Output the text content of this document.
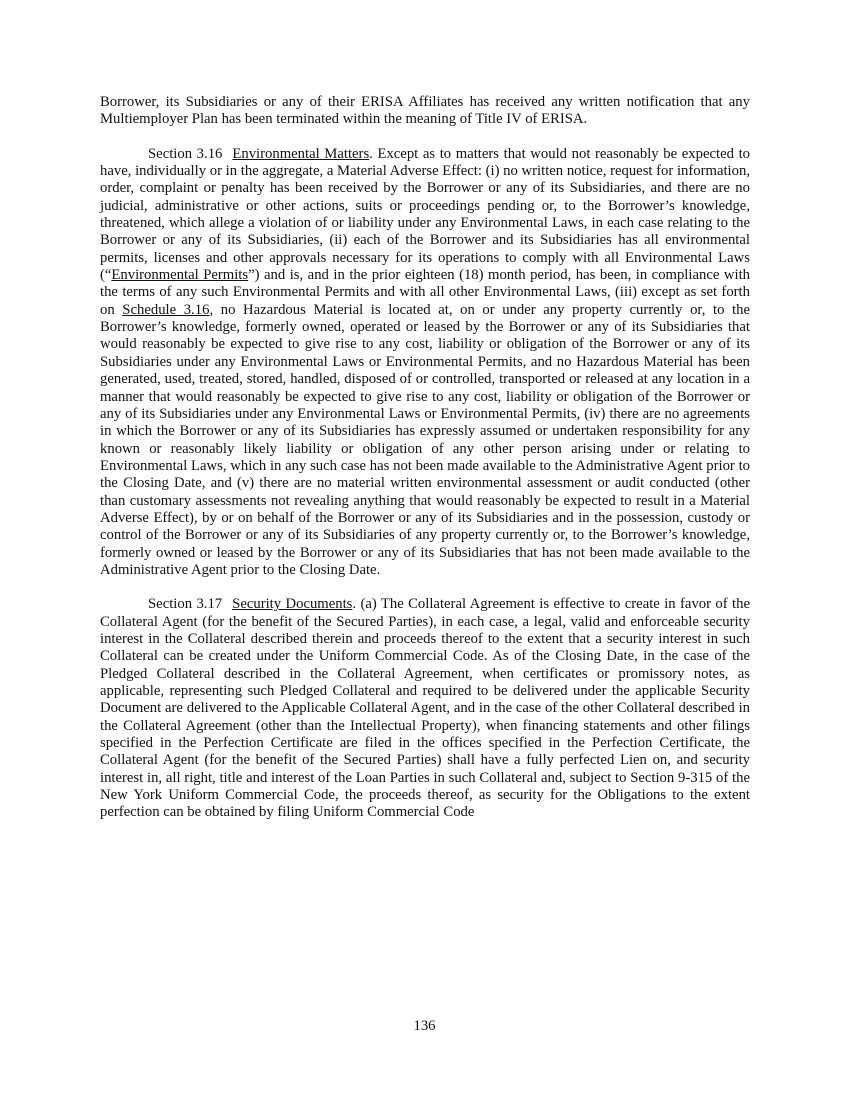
Borrower, its Subsidiaries or any of their ERISA Affiliates has received any written notification that any Multiemployer Plan has been terminated within the meaning of Title IV of ERISA.

Section 3.16 Environmental Matters. Except as to matters that would not reasonably be expected to have, individually or in the aggregate, a Material Adverse Effect: (i) no written notice, request for information, order, complaint or penalty has been received by the Borrower or any of its Subsidiaries, and there are no judicial, administrative or other actions, suits or proceedings pending or, to the Borrower’s knowledge, threatened, which allege a violation of or liability under any Environmental Laws, in each case relating to the Borrower or any of its Subsidiaries, (ii) each of the Borrower and its Subsidiaries has all environmental permits, licenses and other approvals necessary for its operations to comply with all Environmental Laws (“Environmental Permits”) and is, and in the prior eighteen (18) month period, has been, in compliance with the terms of any such Environmental Permits and with all other Environmental Laws, (iii) except as set forth on Schedule 3.16, no Hazardous Material is located at, on or under any property currently or, to the Borrower’s knowledge, formerly owned, operated or leased by the Borrower or any of its Subsidiaries that would reasonably be expected to give rise to any cost, liability or obligation of the Borrower or any of its Subsidiaries under any Environmental Laws or Environmental Permits, and no Hazardous Material has been generated, used, treated, stored, handled, disposed of or controlled, transported or released at any location in a manner that would reasonably be expected to give rise to any cost, liability or obligation of the Borrower or any of its Subsidiaries under any Environmental Laws or Environmental Permits, (iv) there are no agreements in which the Borrower or any of its Subsidiaries has expressly assumed or undertaken responsibility for any known or reasonably likely liability or obligation of any other person arising under or relating to Environmental Laws, which in any such case has not been made available to the Administrative Agent prior to the Closing Date, and (v) there are no material written environmental assessment or audit conducted (other than customary assessments not revealing anything that would reasonably be expected to result in a Material Adverse Effect), by or on behalf of the Borrower or any of its Subsidiaries and in the possession, custody or control of the Borrower or any of its Subsidiaries of any property currently or, to the Borrower’s knowledge, formerly owned or leased by the Borrower or any of its Subsidiaries that has not been made available to the Administrative Agent prior to the Closing Date.

Section 3.17 Security Documents. (a) The Collateral Agreement is effective to create in favor of the Collateral Agent (for the benefit of the Secured Parties), in each case, a legal, valid and enforceable security interest in the Collateral described therein and proceeds thereof to the extent that a security interest in such Collateral can be created under the Uniform Commercial Code. As of the Closing Date, in the case of the Pledged Collateral described in the Collateral Agreement, when certificates or promissory notes, as applicable, representing such Pledged Collateral and required to be delivered under the applicable Security Document are delivered to the Applicable Collateral Agent, and in the case of the other Collateral described in the Collateral Agreement (other than the Intellectual Property), when financing statements and other filings specified in the Perfection Certificate are filed in the offices specified in the Perfection Certificate, the Collateral Agent (for the benefit of the Secured Parties) shall have a fully perfected Lien on, and security interest in, all right, title and interest of the Loan Parties in such Collateral and, subject to Section 9-315 of the New York Uniform Commercial Code, the proceeds thereof, as security for the Obligations to the extent perfection can be obtained by filing Uniform Commercial Code

136
